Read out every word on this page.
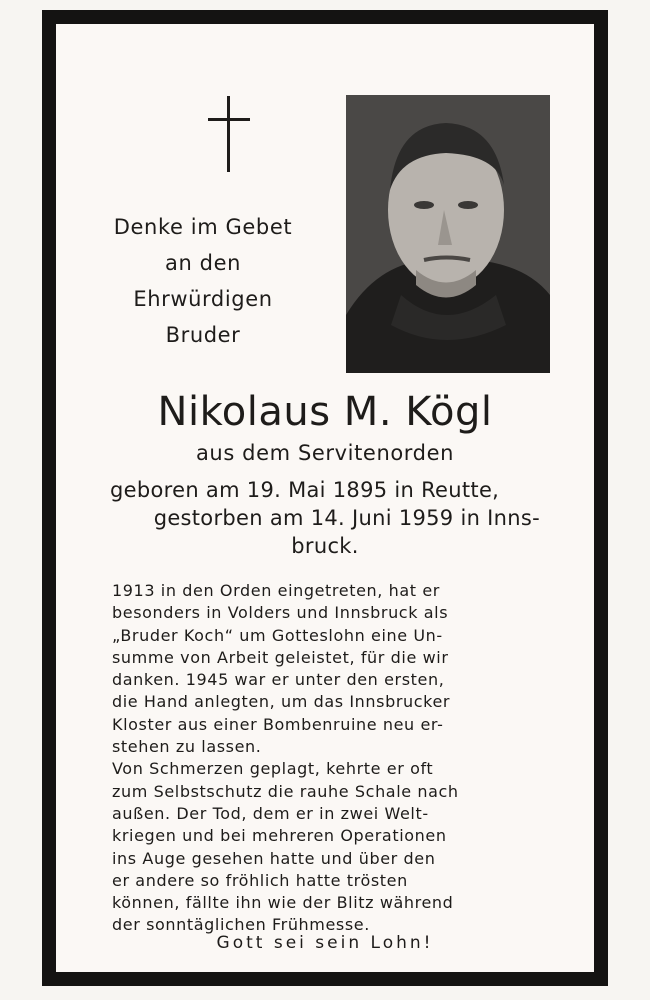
Denke im Gebet
an den
Ehrwürdigen
Bruder
Nikolaus M. Kögl
aus dem Servitenorden
geboren am 19. Mai 1895 in Reutte,
gestorben am 14. Juni 1959 in Inns-
bruck.
1913 in den Orden eingetreten, hat er
besonders in Volders und Innsbruck als
„Bruder Koch“ um Gotteslohn eine Un-
summe von Arbeit geleistet, für die wir
danken. 1945 war er unter den ersten,
die Hand anlegten, um das Innsbrucker
Kloster aus einer Bombenruine neu er-
stehen zu lassen.
Von Schmerzen geplagt, kehrte er oft
zum Selbstschutz die rauhe Schale nach
außen. Der Tod, dem er in zwei Welt-
kriegen und bei mehreren Operationen
ins Auge gesehen hatte und über den
er andere so fröhlich hatte trösten
können, fällte ihn wie der Blitz während
der sonntäglichen Frühmesse.
Gott sei sein Lohn!
